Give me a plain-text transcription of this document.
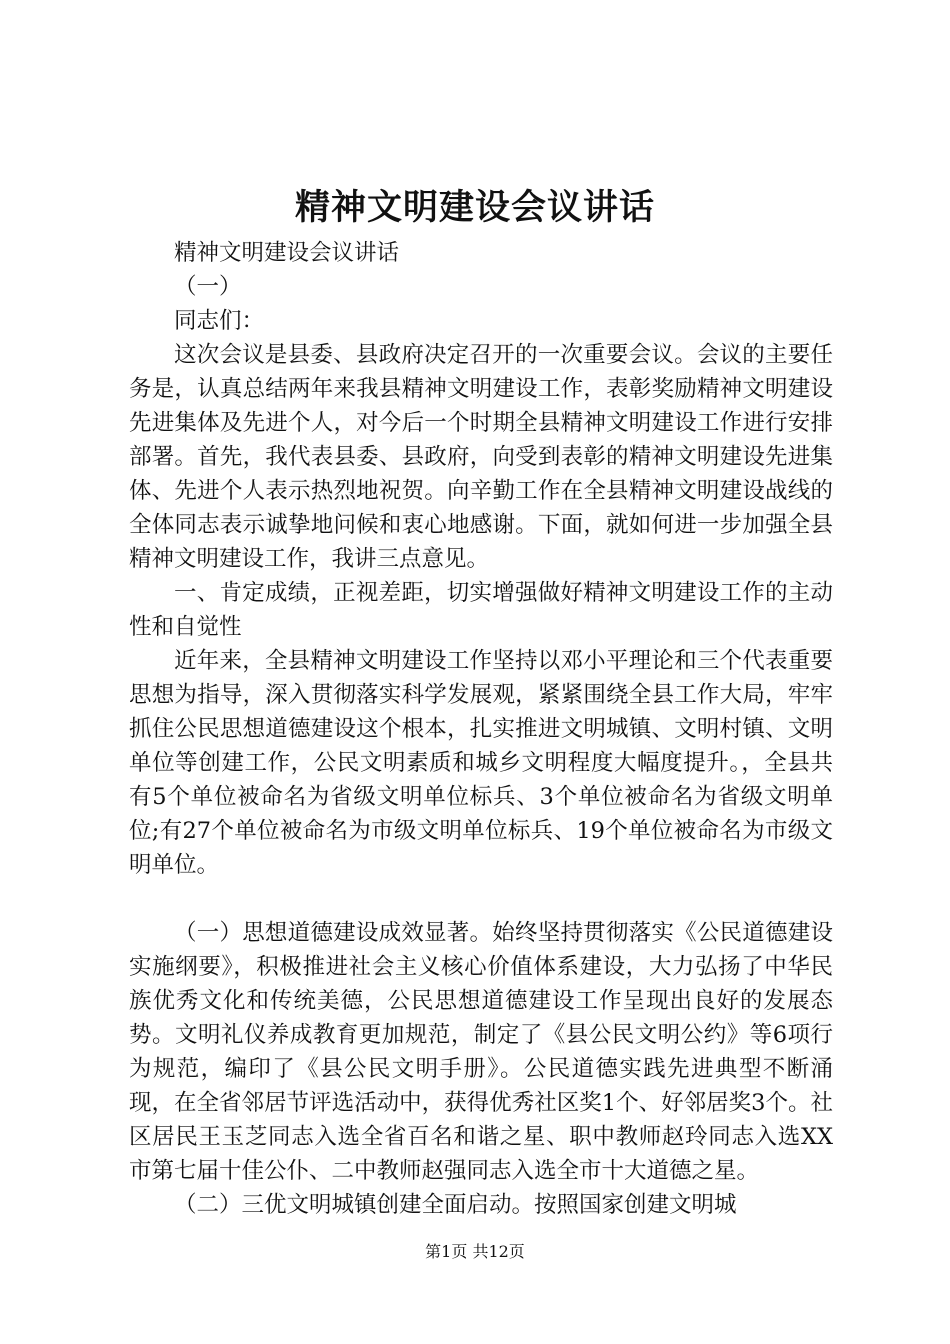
精神文明建设会议讲话

精神文明建设会议讲话

（一）

同志们：

这次会议是县委、县政府决定召开的一次重要会议。会议的主要任务是，认真总结两年来我县精神文明建设工作，表彰奖励精神文明建设先进集体及先进个人，对今后一个时期全县精神文明建设工作进行安排部署。首先，我代表县委、县政府，向受到表彰的精神文明建设先进集体、先进个人表示热烈地祝贺。向辛勤工作在全县精神文明建设战线的全体同志表示诚挚地问候和衷心地感谢。下面，就如何进一步加强全县精神文明建设工作，我讲三点意见。

一、肯定成绩，正视差距，切实增强做好精神文明建设工作的主动性和自觉性

近年来，全县精神文明建设工作坚持以邓小平理论和三个代表重要思想为指导，深入贯彻落实科学发展观，紧紧围绕全县工作大局，牢牢抓住公民思想道德建设这个根本，扎实推进文明城镇、文明村镇、文明单位等创建工作，公民文明素质和城乡文明程度大幅度提升。，全县共有5个单位被命名为省级文明单位标兵、3个单位被命名为省级文明单位;有27个单位被命名为市级文明单位标兵、19个单位被命名为市级文明单位。

（一）思想道德建设成效显著。始终坚持贯彻落实《公民道德建设实施纲要》，积极推进社会主义核心价值体系建设，大力弘扬了中华民族优秀文化和传统美德，公民思想道德建设工作呈现出良好的发展态势。文明礼仪养成教育更加规范，制定了《县公民文明公约》等6项行为规范，编印了《县公民文明手册》。公民道德实践先进典型不断涌现，在全省邻居节评选活动中，获得优秀社区奖1个、好邻居奖3个。社区居民王玉芝同志入选全省百名和谐之星、职中教师赵玲同志入选XX市第七届十佳公仆、二中教师赵强同志入选全市十大道德之星。

（二）三优文明城镇创建全面启动。按照国家创建文明城

第1页 共12页
